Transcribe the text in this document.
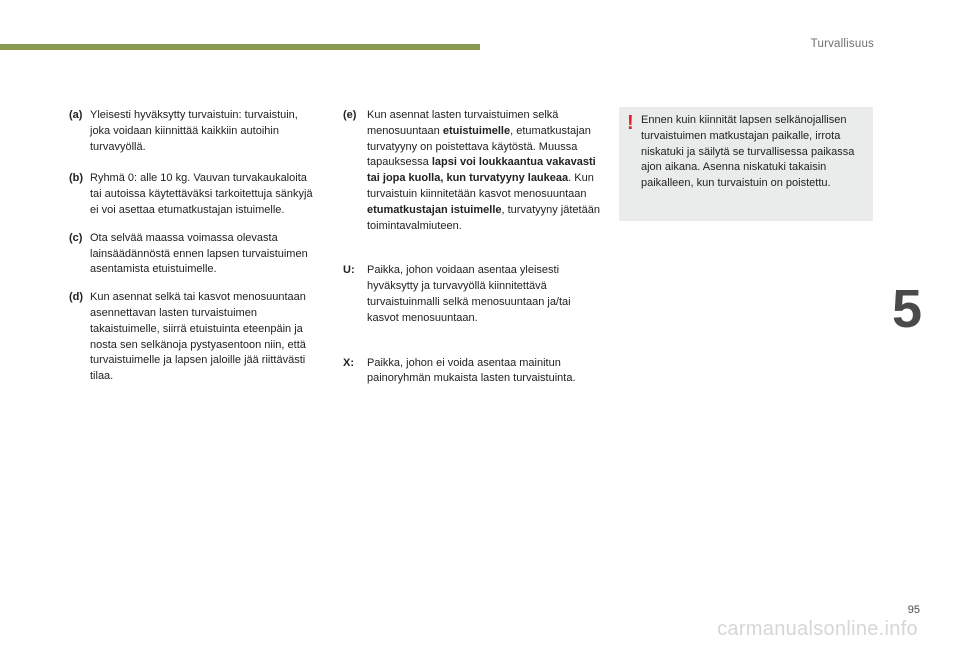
Turvallisuus
5
(a) Yleisesti hyväksytty turvaistuin: turvaistuin, joka voidaan kiinnittää kaikkiin autoihin turvavyöllä.
(b) Ryhmä 0: alle 10 kg. Vauvan turvakaukaloita tai autoissa käytettäväksi tarkoitettuja sänkyjä ei voi asettaa etumatkustajan istuimelle.
(c) Ota selvää maassa voimassa olevasta lainsäädännöstä ennen lapsen turvaistuimen asentamista etuistuimelle.
(d) Kun asennat selkä tai kasvot menosuuntaan asennettavan lasten turvaistuimen takaistuimelle, siirrä etuistuinta eteenpäin ja nosta sen selkänoja pystyasentoon niin, että turvaistuimelle ja lapsen jaloille jää riittävästi tilaa.
(e) Kun asennat lasten turvaistuimen selkä menosuuntaan etuistuimelle, etumatkustajan turvatyyny on poistettava käytöstä. Muussa tapauksessa lapsi voi loukkaantua vakavasti tai jopa kuolla, kun turvatyyny laukeaa. Kun turvaistuin kiinnitetään kasvot menosuuntaan etumatkustajan istuimelle, turvatyyny jätetään toimintavalmiuteen.
U:	Paikka, johon voidaan asentaa yleisesti hyväksytty ja turvavyöllä kiinnitettävä turvaistuinmalli selkä menosuuntaan ja/tai kasvot menosuuntaan.
X:	Paikka, johon ei voida asentaa mainitun painoryhmän mukaista lasten turvaistuinta.
! Ennen kuin kiinnität lapsen selkänojallisen turvaistuimen matkustajan paikalle, irrota niskatuki ja säilytä se turvallisessa paikassa ajon aikana. Asenna niskatuki takaisin paikalleen, kun turvaistuin on poistettu.
95
carmanualsonline.info
